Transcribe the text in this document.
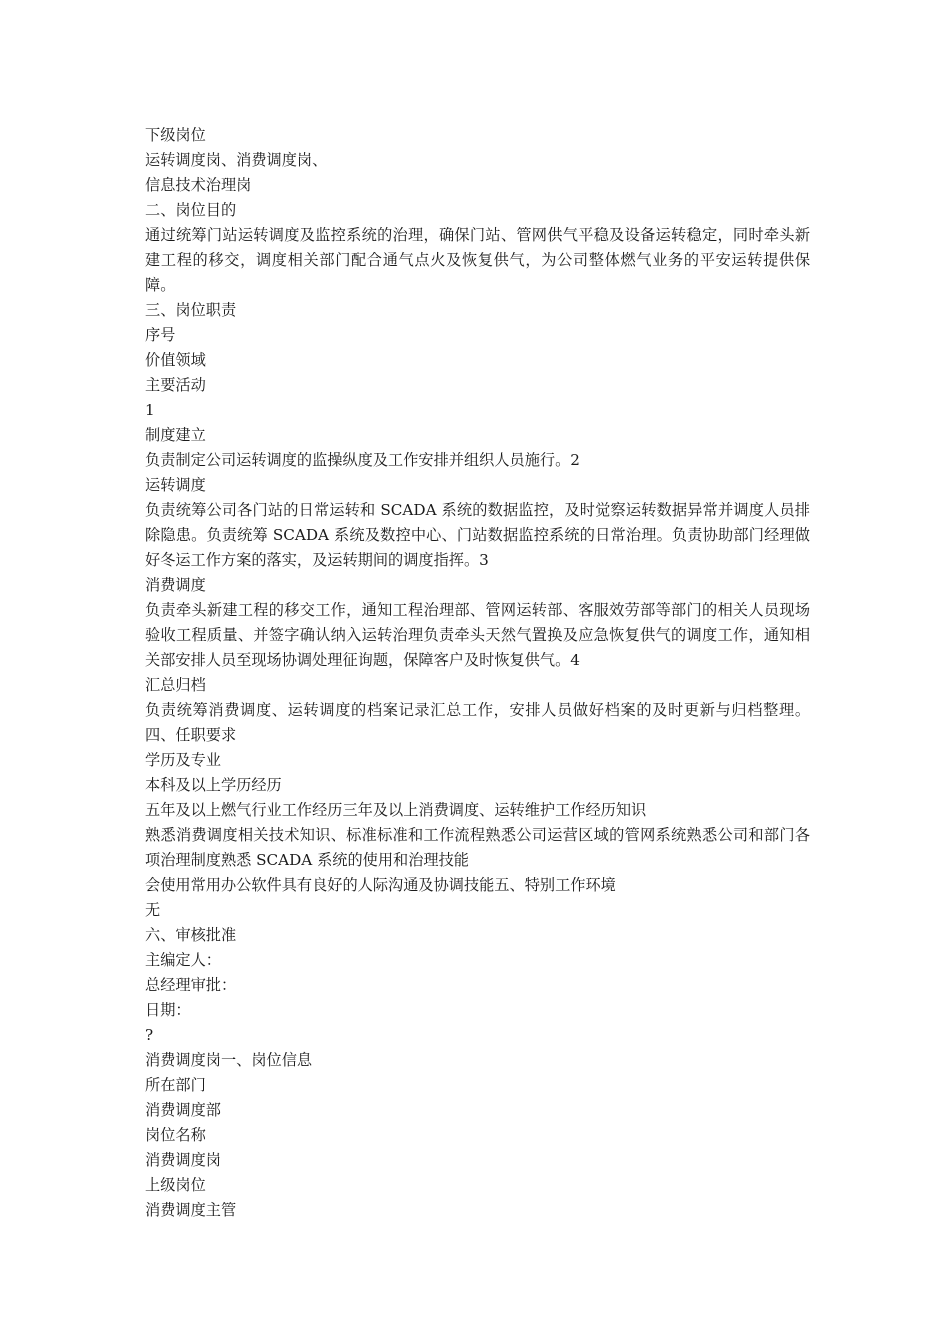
下级岗位
运转调度岗、消费调度岗、
信息技术治理岗
二、岗位目的
通过统筹门站运转调度及监控系统的治理，确保门站、管网供气平稳及设备运转稳定，同时牵头新建工程的移交，调度相关部门配合通气点火及恢复供气，为公司整体燃气业务的平安运转提供保障。
三、岗位职责
序号
价值领域
主要活动
1
制度建立
负责制定公司运转调度的监操纵度及工作安排并组织人员施行。2
运转调度
负责统筹公司各门站的日常运转和 SCADA 系统的数据监控，及时觉察运转数据异常并调度人员排除隐患。负责统筹 SCADA 系统及数控中心、门站数据监控系统的日常治理。负责协助部门经理做好冬运工作方案的落实，及运转期间的调度指挥。3
消费调度
负责牵头新建工程的移交工作，通知工程治理部、管网运转部、客服效劳部等部门的相关人员现场验收工程质量、并签字确认纳入运转治理负责牵头天然气置换及应急恢复供气的调度工作，通知相关部安排人员至现场协调处理征询题，保障客户及时恢复供气。4
汇总归档
负责统筹消费调度、运转调度的档案记录汇总工作，安排人员做好档案的及时更新与归档整理。四、任职要求
学历及专业
本科及以上学历经历
五年及以上燃气行业工作经历三年及以上消费调度、运转维护工作经历知识
熟悉消费调度相关技术知识、标准标准和工作流程熟悉公司运营区域的管网系统熟悉公司和部门各项治理制度熟悉 SCADA 系统的使用和治理技能
会使用常用办公软件具有良好的人际沟通及协调技能五、特别工作环境
无
六、审核批准
主编定人：
总经理审批：
日期：
?
消费调度岗一、岗位信息
所在部门
消费调度部
岗位名称
消费调度岗
上级岗位
消费调度主管
